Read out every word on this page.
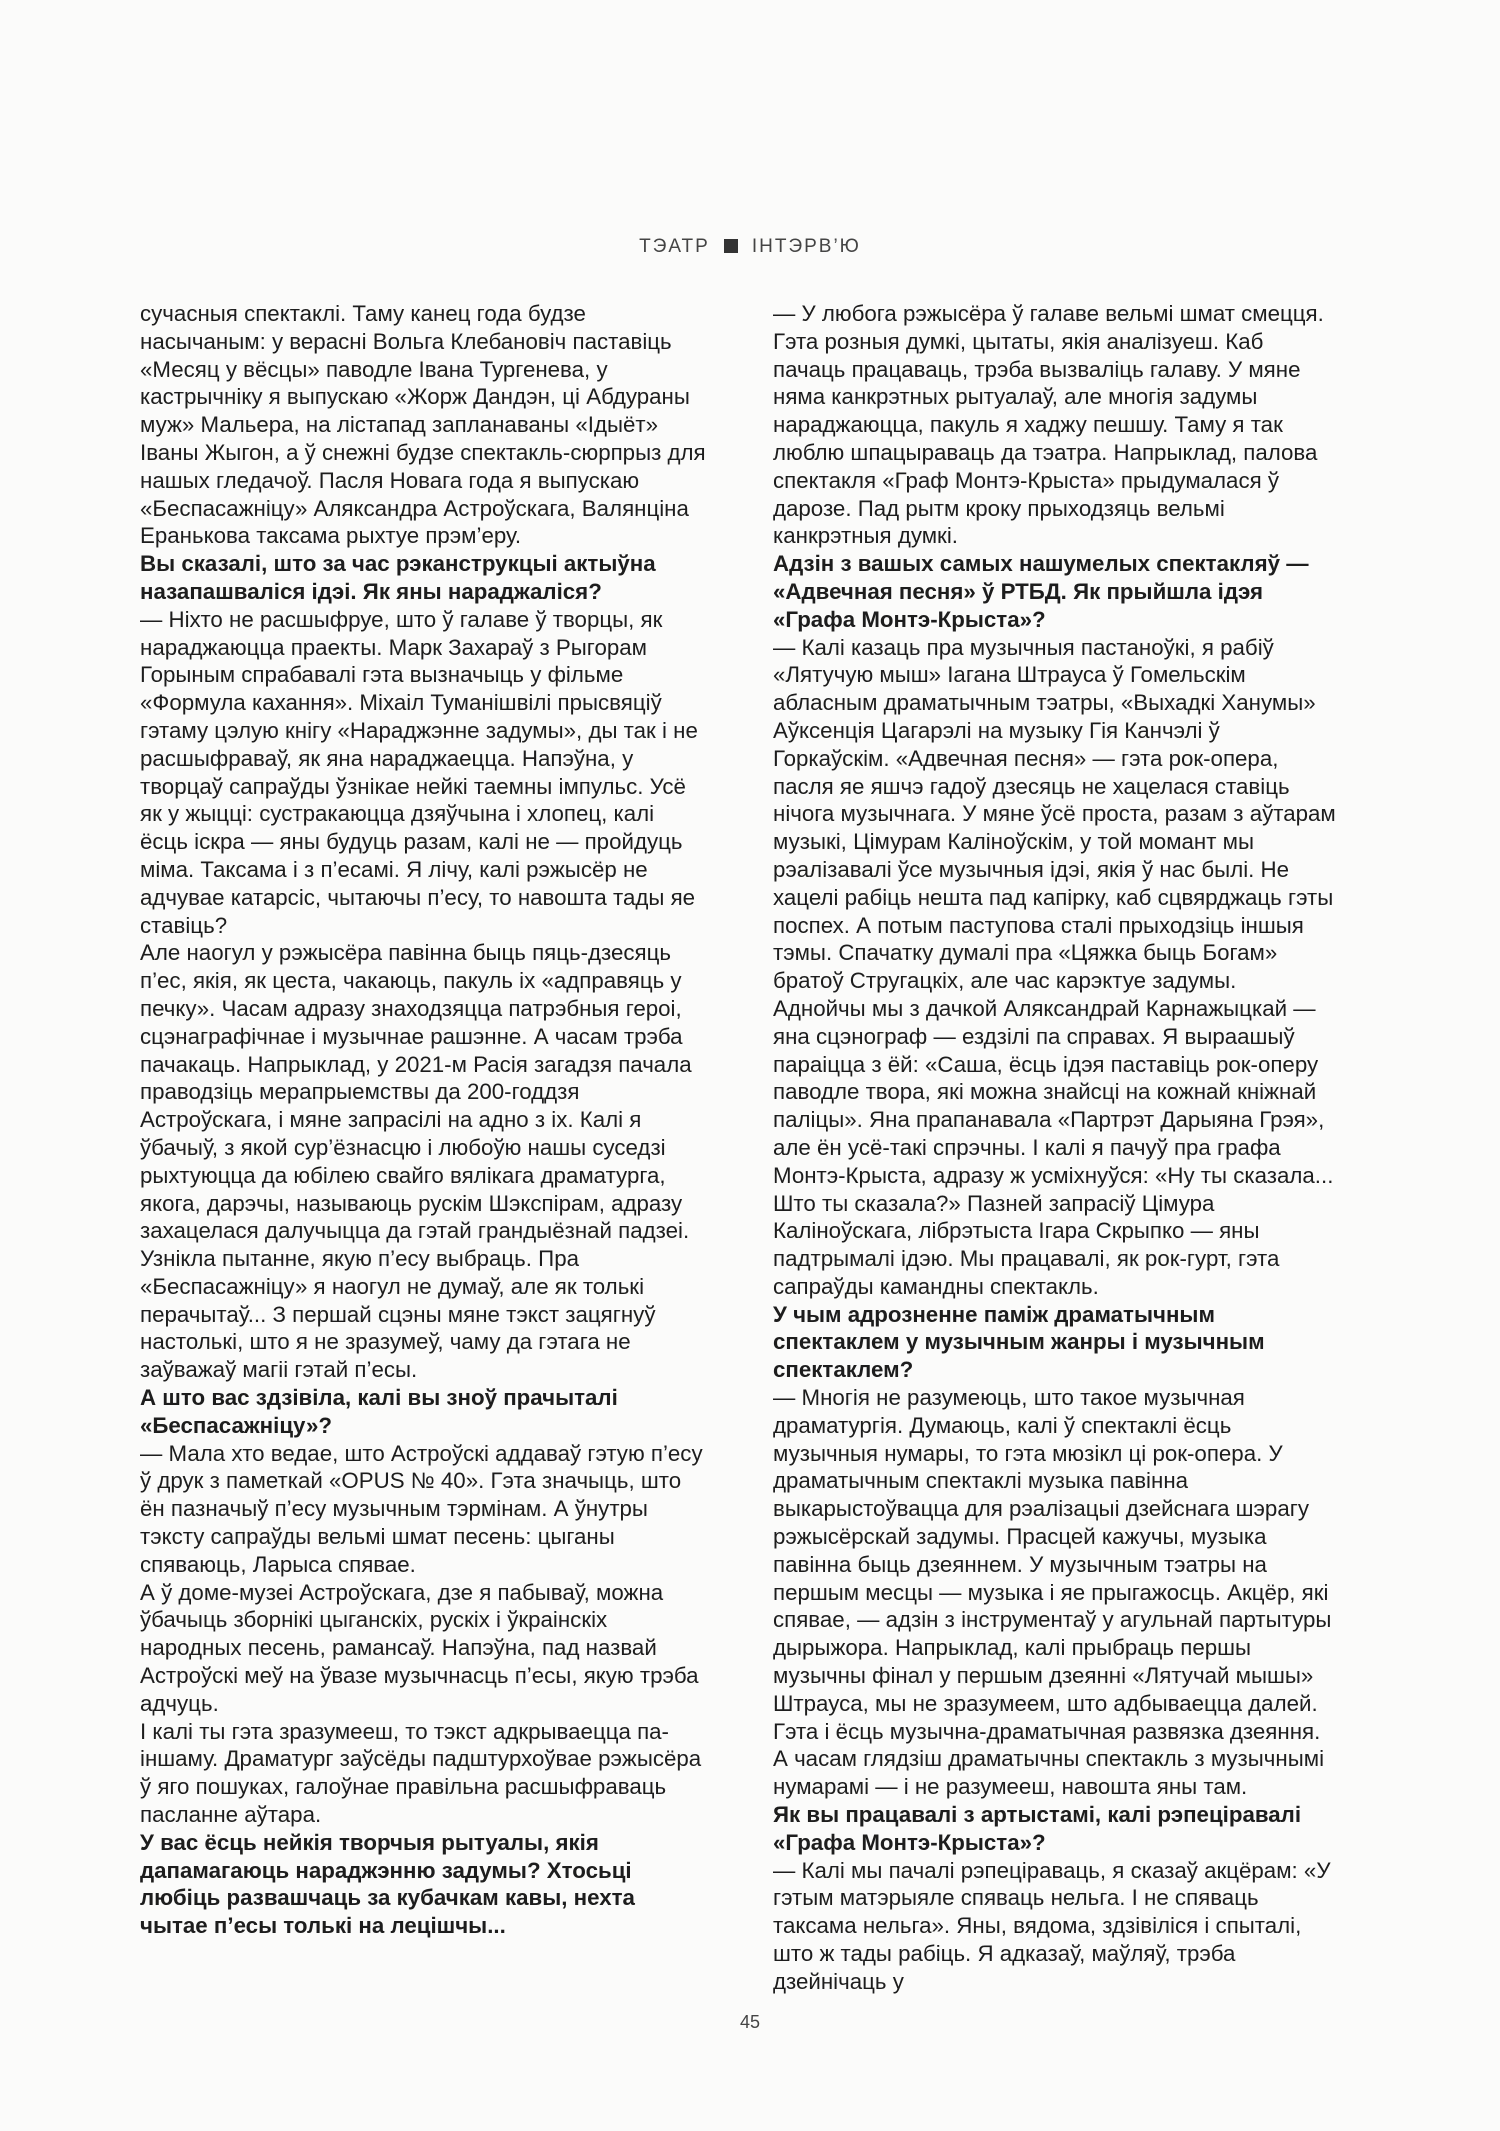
ТЭАТР ІНТЭРВ’Ю

сучасныя спектаклі. Таму канец года будзе насычаным: у верасні Вольга Клебановіч паставіць «Месяц у вёсцы» паводле Івана Тургенева, у кастрычніку я выпускаю «Жорж Дандэн, ці Абдураны муж» Мальера, на лістапад запланаваны «Ідыёт» Іваны Жыгон, а ў снежні будзе спектакль-сюрпрыз для нашых гледачоў. Пасля Новага года я выпускаю «Беспасажніцу» Аляксандра Астроўскага, Валянціна Еранькова таксама рыхтуе прэм’еру.

Вы сказалі, што за час рэканструкцыі актыўна назапашваліся ідэі. Як яны нараджаліся?

— Ніхто не расшыфруе, што ў галаве ў творцы, як нараджаюцца праекты. Марк Захараў з Рыгорам Горыным спрабавалі гэта вызначыць у фільме «Формула кахання». Міхаіл Туманішвілі прысвяціў гэтаму цэлую кнігу «Нараджэнне задумы», ды так і не расшыфраваў, як яна нараджаецца. Напэўна, у творцаў сапраўды ўзнікае нейкі таемны імпульс. Усё як у жыцці: сустракаюцца дзяўчына і хлопец, калі ёсць іскра — яны будуць разам, калі не — пройдуць міма. Таксама і з п’есамі. Я лічу, калі рэжысёр не адчувае катарсіс, чытаючы п’есу, то навошта тады яе ставіць?

Але наогул у рэжысёра павінна быць пяць-дзесяць п’ес, якія, як цеста, чакаюць, пакуль іх «адправяць у печку». Часам адразу знаходзяцца патрэбныя героі, сцэнаграфічнае і музычнае рашэнне. А часам трэба пачакаць. Напрыклад, у 2021-м Расія загадзя пачала праводзіць мерапрыемствы да 200-годдзя Астроўскага, і мяне запрасілі на адно з іх. Калі я ўбачыў, з якой сур’ёзнасцю і любоўю нашы суседзі рыхтуюцца да юбілею свайго вялікага драматурга, якога, дарэчы, называюць рускім Шэкспірам, адразу захацелася далучыцца да гэтай грандыёзнай падзеі. Узнікла пытанне, якую п’есу выбраць. Пра «Беспасажніцу» я наогул не думаў, але як толькі перачытаў... З першай сцэны мяне тэкст зацягнуў настолькі, што я не зразумеў, чаму да гэтага не заўважаў магіі гэтай п’есы.

А што вас здзівіла, калі вы зноў прачыталі «Беспасажніцу»?

— Мала хто ведае, што Астроўскі аддаваў гэтую п’есу ў друк з паметкай «OPUS № 40». Гэта значыць, што ён пазначыў п’есу музычным тэрмінам. А ўнутры тэксту сапраўды вельмі шмат песень: цыганы спяваюць, Ларыса спявае.

А ў доме-музеі Астроўскага, дзе я пабываў, можна ўбачыць зборнікі цыганскіх, рускіх і ўкраінскіх народных песень, рамансаў. Напэўна, пад назвай Астроўскі меў на ўвазе музычнасць п’есы, якую трэба адчуць.

І калі ты гэта зразумееш, то тэкст адкрываецца па-іншаму. Драматург заўсёды падштурхоўвае рэжысёра ў яго пошуках, галоўнае правільна расшыфраваць пасланне аўтара.

У вас ёсць нейкія творчыя рытуалы, якія дапамагаюць нараджэнню задумы? Хтосьці любіць развашчаць за кубачкам кавы, нехта чытае п’есы толькі на лецішчы...

— У любога рэжысёра ў галаве вельмі шмат смецця. Гэта розныя думкі, цытаты, якія аналізуеш. Каб пачаць працаваць, трэба вызваліць галаву. У мяне няма канкрэтных рытуалаў, але многія задумы нараджаюцца, пакуль я хаджу пешшу. Таму я так люблю шпацыраваць да тэатра. Напрыклад, палова спектакля «Граф Монтэ-Крыста» прыдумалася ў дарозе. Пад рытм кроку прыходзяць вельмі канкрэтныя думкі.

Адзін з вашых самых нашумелых спектакляў — «Адвечная песня» ў РТБД. Як прыйшла ідэя «Графа Монтэ-Крыста»?

— Калі казаць пра музычныя пастаноўкі, я рабіў «Лятучую мыш» Іагана Штрауса ў Гомельскім абласным драматычным тэатры, «Выхадкі Ханумы» Аўксенція Цагарэлі на музыку Гія Канчэлі ў Горкаўскім. «Адвечная песня» — гэта рок-опера, пасля яе яшчэ гадоў дзесяць не хацелася ставіць нічога музычнага. У мяне ўсё проста, разам з аўтарам музыкі, Цімурам Каліноўскім, у той момант мы рэалізавалі ўсе музычныя ідэі, якія ў нас былі. Не хацелі рабіць нешта пад капірку, каб сцвярджаць гэты поспех. А потым паступова сталі прыходзіць іншыя тэмы. Спачатку думалі пра «Цяжка быць Богам» братоў Стругацкіх, але час карэктуе задумы.

Аднойчы мы з дачкой Аляксандрай Карнажыцкай — яна сцэнограф — ездзілі па справах. Я выраашыў параіцца з ёй: «Саша, ёсць ідэя паставіць рок-оперу паводле твора, які можна знайсці на кожнай кніжнай паліцы». Яна прапанавала «Партрэт Дарыяна Грэя», але ён усё-такі спрэчны. І калі я пачуў пра графа Монтэ-Крыста, адразу ж усміхнуўся: «Ну ты сказала... Што ты сказала?» Пазней запрасіў Цімура Каліноўскага, лібрэтыста Ігара Скрыпко — яны падтрымалі ідэю. Мы працавалі, як рок-гурт, гэта сапраўды камандны спектакль.

У чым адрозненне паміж драматычным спектаклем у музычным жанры і музычным спектаклем?

— Многія не разумеюць, што такое музычная драматургія. Думаюць, калі ў спектаклі ёсць музычныя нумары, то гэта мюзікл ці рок-опера. У драматычным спектаклі музыка павінна выкарыстоўвацца для рэалізацыі дзейснага шэрагу рэжысёрскай задумы. Прасцей кажучы, музыка павінна быць дзеяннем. У музычным тэатры на першым месцы — музыка і яе прыгажосць. Акцёр, які спявае, — адзін з інструментаў у агульнай партытуры дырыжора. Напрыклад, калі прыбраць першы музычны фінал у першым дзеянні «Лятучай мышы» Штрауса, мы не зразумеем, што адбываецца далей. Гэта і ёсць музычна-драматычная развязка дзеяння.

А часам глядзіш драматычны спектакль з музычнымі нумарамі — і не разумееш, навошта яны там.

Як вы працавалі з артыстамі, калі рэпеціравалі «Графа Монтэ-Крыста»?

— Калі мы пачалі рэпеціраваць, я сказаў акцёрам: «У гэтым матэрыяле спяваць нельга. І не спяваць таксама нельга». Яны, вядома, здзівіліся і спыталі, што ж тады рабіць. Я адказаў, маўляў, трэба дзейнічаць у

45
